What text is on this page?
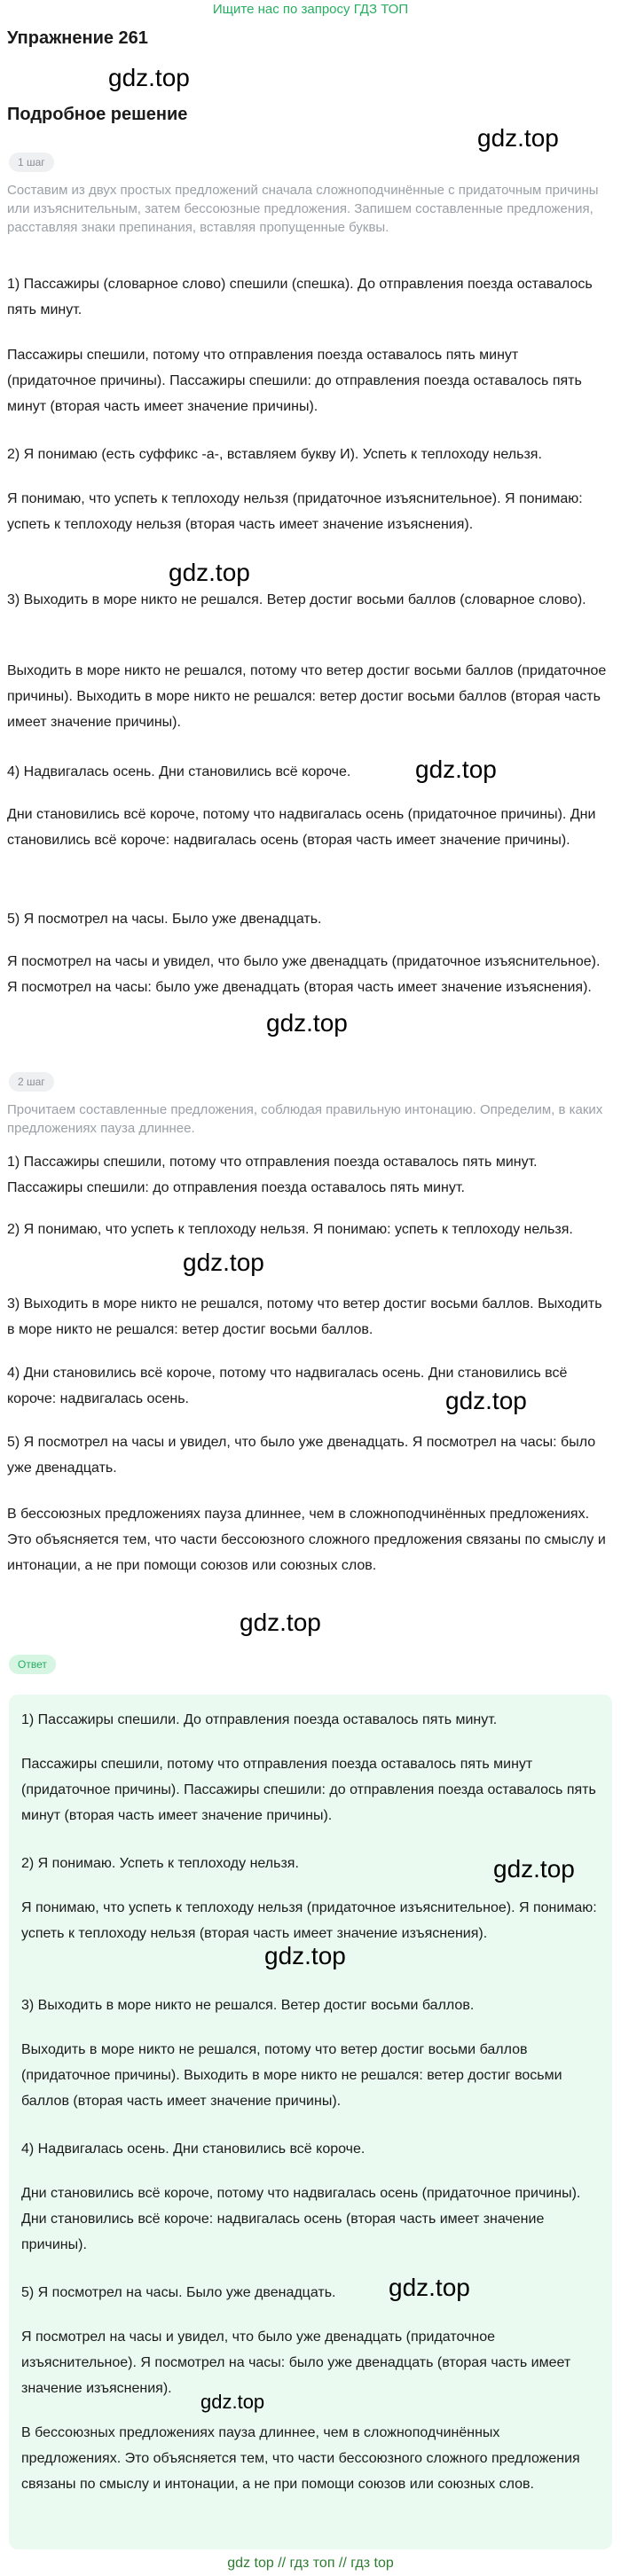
Ищите нас по запросу ГДЗ ТОП
Упражнение 261
gdz.top
Подробное решение
gdz.top
1 шаг
Составим из двух простых предложений сначала сложноподчинённые с придаточным причины или изъяснительным, затем бессоюзные предложения. Запишем составленные предложения, расставляя знаки препинания, вставляя пропущенные буквы.
1) Пассажиры (словарное слово) спешили (спешка). До отправления поезда оставалось пять минут.
Пассажиры спешили, потому что отправления поезда оставалось пять минут (придаточное причины). Пассажиры спешили: до отправления поезда оставалось пять минут (вторая часть имеет значение причины).
2) Я понимаю (есть суффикс -а-, вставляем букву И). Успеть к теплоходу нельзя.
Я понимаю, что успеть к теплоходу нельзя (придаточное изъяснительное). Я понимаю: успеть к теплоходу нельзя (вторая часть имеет значение изъяснения).
gdz.top
3) Выходить в море никто не решался. Ветер достиг восьми баллов (словарное слово).
Выходить в море никто не решался, потому что ветер достиг восьми баллов (придаточное причины). Выходить в море никто не решался: ветер достиг восьми баллов (вторая часть имеет значение причины).
4) Надвигалась осень. Дни становились всё короче.	gdz.top
Дни становились всё короче, потому что надвигалась осень (придаточное причины). Дни становились всё короче: надвигалась осень (вторая часть имеет значение причины).
5) Я посмотрел на часы. Было уже двенадцать.
Я посмотрел на часы и увидел, что было уже двенадцать (придаточное изъяснительное). Я посмотрел на часы: было уже двенадцать (вторая часть имеет значение изъяснения).
gdz.top
2 шаг
Прочитаем составленные предложения, соблюдая правильную интонацию. Определим, в каких предложениях пауза длиннее.
1) Пассажиры спешили, потому что отправления поезда оставалось пять минут. Пассажиры спешили: до отправления поезда оставалось пять минут.
2) Я понимаю, что успеть к теплоходу нельзя. Я понимаю: успеть к теплоходу нельзя.
gdz.top
3) Выходить в море никто не решался, потому что ветер достиг восьми баллов. Выходить в море никто не решался: ветер достиг восьми баллов.
4) Дни становились всё короче, потому что надвигалась осень. Дни становились всё короче: надвигалась осень.	gdz.top
5) Я посмотрел на часы и увидел, что было уже двенадцать. Я посмотрел на часы: было уже двенадцать.
В бессоюзных предложениях пауза длиннее, чем в сложноподчинённых предложениях. Это объясняется тем, что части бессоюзного сложного предложения связаны по смыслу и интонации, а не при помощи союзов или союзных слов.
gdz.top
Ответ
1) Пассажиры спешили. До отправления поезда оставалось пять минут.
Пассажиры спешили, потому что отправления поезда оставалось пять минут (придаточное причины). Пассажиры спешили: до отправления поезда оставалось пять минут (вторая часть имеет значение причины).
2) Я понимаю. Успеть к теплоходу нельзя.	gdz.top
Я понимаю, что успеть к теплоходу нельзя (придаточное изъяснительное). Я понимаю: успеть к теплоходу нельзя (вторая часть имеет значение изъяснения).
gdz.top
3) Выходить в море никто не решался. Ветер достиг восьми баллов.
Выходить в море никто не решался, потому что ветер достиг восьми баллов (придаточное причины). Выходить в море никто не решался: ветер достиг восьми баллов (вторая часть имеет значение причины).
4) Надвигалась осень. Дни становились всё короче.
Дни становились всё короче, потому что надвигалась осень (придаточное причины). Дни становились всё короче: надвигалась осень (вторая часть имеет значение причины).
5) Я посмотрел на часы. Было уже двенадцать.	gdz.top
Я посмотрел на часы и увидел, что было уже двенадцать (придаточное изъяснительное). Я посмотрел на часы: было уже двенадцать (вторая часть имеет значение изъяснения).
gdz.top
В бессоюзных предложениях пауза длиннее, чем в сложноподчинённых предложениях. Это объясняется тем, что части бессоюзного сложного предложения связаны по смыслу и интонации, а не при помощи союзов или союзных слов.
gdz top // гдз топ // гдз top
